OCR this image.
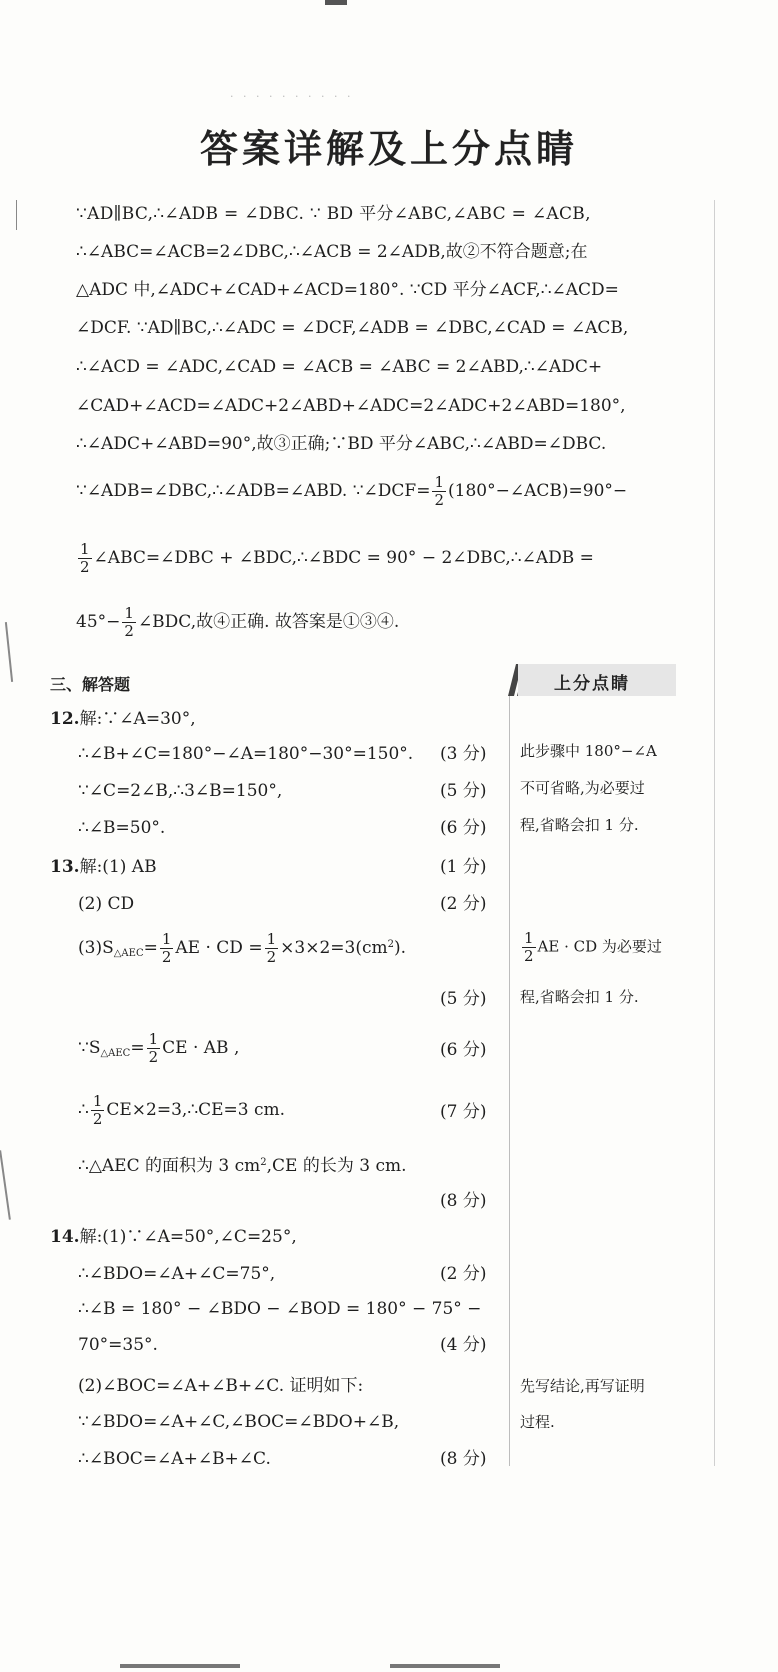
· · · · · · · · · ·
答案详解及上分点睛
∵AD∥BC,∴∠ADB = ∠DBC. ∵ BD 平分∠ABC,∠ABC = ∠ACB,
∴∠ABC=∠ACB=2∠DBC,∴∠ACB = 2∠ADB,故②不符合题意;在
△ADC 中,∠ADC+∠CAD+∠ACD=180°. ∵CD 平分∠ACF,∴∠ACD=
∠DCF. ∵AD∥BC,∴∠ADC = ∠DCF,∠ADB = ∠DBC,∠CAD = ∠ACB,
∴∠ACD = ∠ADC,∠CAD = ∠ACB = ∠ABC = 2∠ABD,∴∠ADC+
∠CAD+∠ACD=∠ADC+2∠ABD+∠ADC=2∠ADC+2∠ABD=180°,
∴∠ADC+∠ABD=90°,故③正确;∵BD 平分∠ABC,∴∠ABD=∠DBC.
∵∠ADB=∠DBC,∴∠ADB=∠ABD. ∵∠DCF= $\frac{1}{2}$ (180°−∠ACB)=90°−
$\frac{1}{2}$ ∠ABC=∠DBC + ∠BDC,∴∠BDC = 90° − 2∠DBC,∴∠ADB =
$45^\circ- \frac{1}{2}$ ∠BDC,故④正确. 故答案是①③④.
三、解答题	上分点睛
12.解:∵∠A=30°,
∴∠B+∠C=180°−∠A=180°−30°=150°. (3 分)
∵∠C=2∠B,∴3∠B=150°,	(5 分)
∴∠B=50°.	(6 分)
13.解:(1) AB	(1 分)
(2) CD	(2 分)
$(3)S_{\triangle AEC}= \frac{1}{2}$ AE · CD = $\frac{1}{2} \times 3\times 2=3(cm^2)$.
(5 分)
$\because S_{\triangle AEC}= \frac{1}{2}$ CE · AB ,	(6 分)
∴ $\frac{1}{2}$ CE×2=3,∴CE=3 cm.	(7 分)
∴△AEC 的面积为 3 $cm^2,CE$ 的长为 3 cm.
(8 分)
14.解:(1)∵∠A=50°,∠C=25°,
∴∠BDO=∠A+∠C=75°,	(2 分)
∴∠B = 180° − ∠BDO − ∠BOD = 180° − 75° −
70°=35°.	(4 分)
(2)∠BOC=∠A+∠B+∠C. 证明如下:
∵∠BDO=∠A+∠C,∠BOC=∠BDO+∠B,
∴∠BOC=∠A+∠B+∠C.	(8 分)
此步骤中 180°−∠A
不可省略,为必要过
程,省略会扣 1 分.
$\frac{1}{2}$ AE · CD 为必要过
程,省略会扣 1 分.
先写结论,再写证明
过程.
